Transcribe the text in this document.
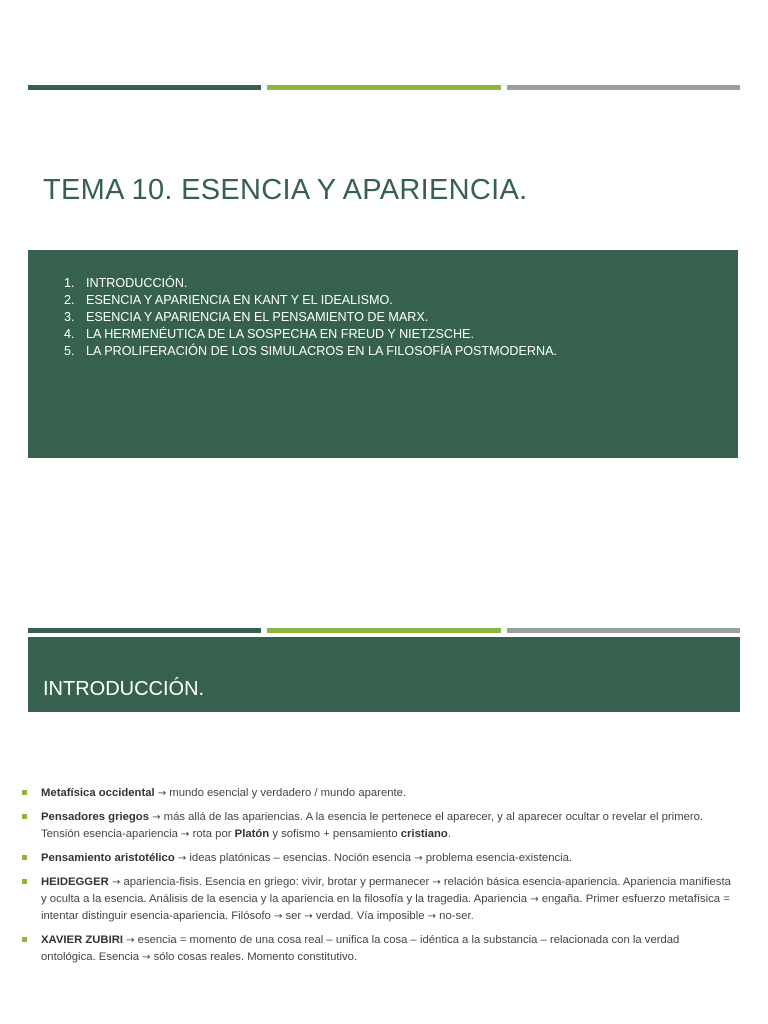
TEMA 10. ESENCIA Y APARIENCIA.
1. INTRODUCCIÓN.
2. ESENCIA Y APARIENCIA EN KANT Y EL IDEALISMO.
3. ESENCIA Y APARIENCIA EN EL PENSAMIENTO DE MARX.
4. LA HERMENÉUTICA DE LA SOSPECHA EN FREUD Y NIETZSCHE.
5. LA PROLIFERACIÓN DE LOS SIMULACROS EN LA FILOSOFÍA POSTMODERNA.
INTRODUCCIÓN.
Metafísica occidental → mundo esencial y verdadero / mundo aparente.
Pensadores griegos → más allá de las apariencias. A la esencia le pertenece el aparecer, y al aparecer ocultar o revelar el primero. Tensión esencia-apariencia → rota por Platón y sofismo + pensamiento cristiano.
Pensamiento aristotélico → ideas platónicas – esencias. Noción esencia → problema esencia-existencia.
HEIDEGGER → apariencia-fisis. Esencia en griego: vivir, brotar y permanecer → relación básica esencia-apariencia. Apariencia manifiesta y oculta a la esencia. Análisis de la esencia y la apariencia en la filosofía y la tragedia. Apariencia → engaña. Primer esfuerzo metafísica = intentar distinguir esencia-apariencia. Filósofo → ser → verdad. Vía imposible → no-ser.
XAVIER ZUBIRI → esencia = momento de una cosa real – unifica la cosa – idéntica a la substancia – relacionada con la verdad ontológica. Esencia → sólo cosas reales. Momento constitutivo.
